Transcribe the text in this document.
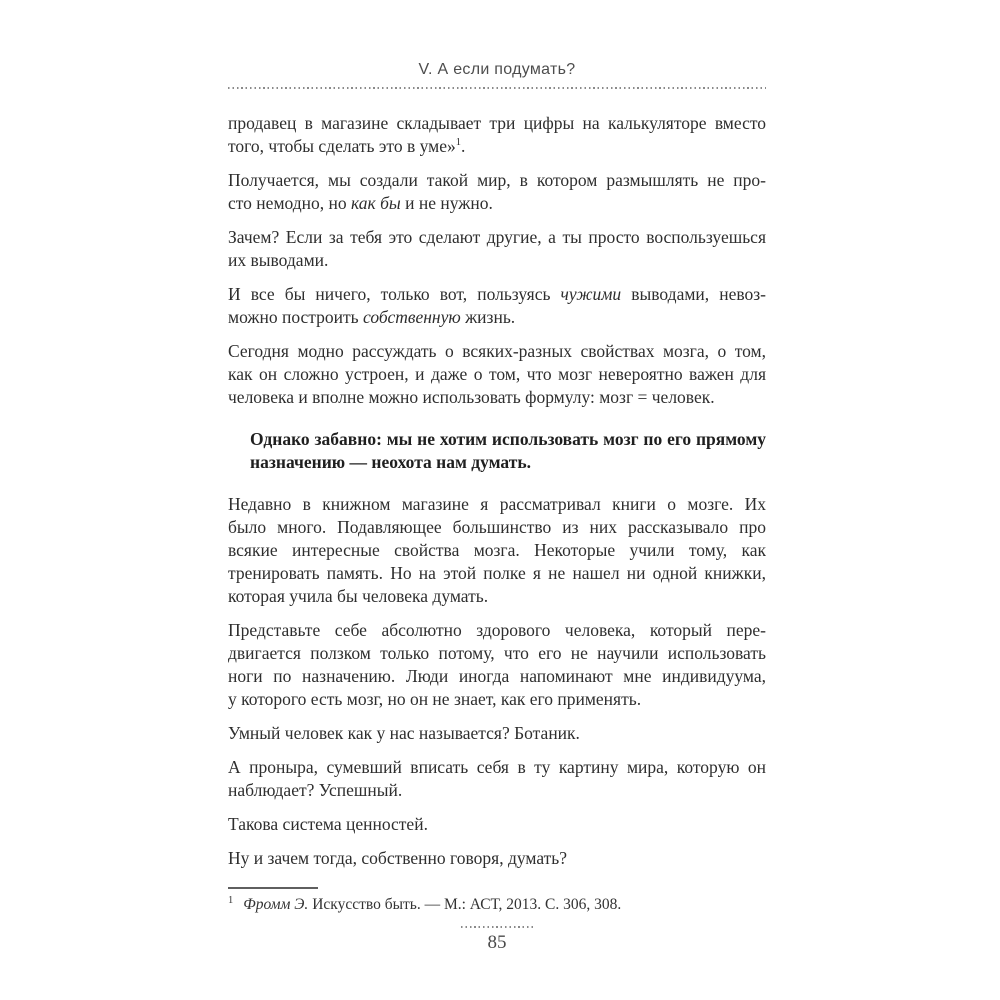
V. А если подумать?
продавец в магазине складывает три цифры на калькуляторе вместо
того, чтобы сделать это в уме»$^1$.
Получается, мы создали такой мир, в котором размышлять не про-
сто немодно, но как бы и не нужно.
Зачем? Если за тебя это сделают другие, а ты просто воспользуешься
их выводами.
И все бы ничего, только вот, пользуясь чужими выводами, невоз-
можно построить собственную жизнь.
Сегодня модно рассуждать о всяких-разных свойствах мозга, о том,
как он сложно устроен, и даже о том, что мозг невероятно важен для
человека и вполне можно использовать формулу: мозг = человек.
Однако забавно: мы не хотим использовать мозг по его прямому
назначению — неохота нам думать.
Недавно в книжном магазине я рассматривал книги о мозге. Их
было много. Подавляющее большинство из них рассказывало про
всякие интересные свойства мозга. Некоторые учили тому, как
тренировать память. Но на этой полке я не нашел ни одной книжки,
которая учила бы человека думать.
Представьте себе абсолютно здорового человека, который пере-
двигается ползком только потому, что его не научили использовать
ноги по назначению. Люди иногда напоминают мне индивидуума,
у которого есть мозг, но он не знает, как его применять.
Умный человек как у нас называется? Ботаник.
А проныра, сумевший вписать себя в ту картину мира, которую он
наблюдает? Успешный.
Такова система ценностей.
Ну и зачем тогда, собственно говоря, думать?
$^1$ Фромм Э. Искусство быть. — М.: АСТ, 2013. С. 306, 308.
85
